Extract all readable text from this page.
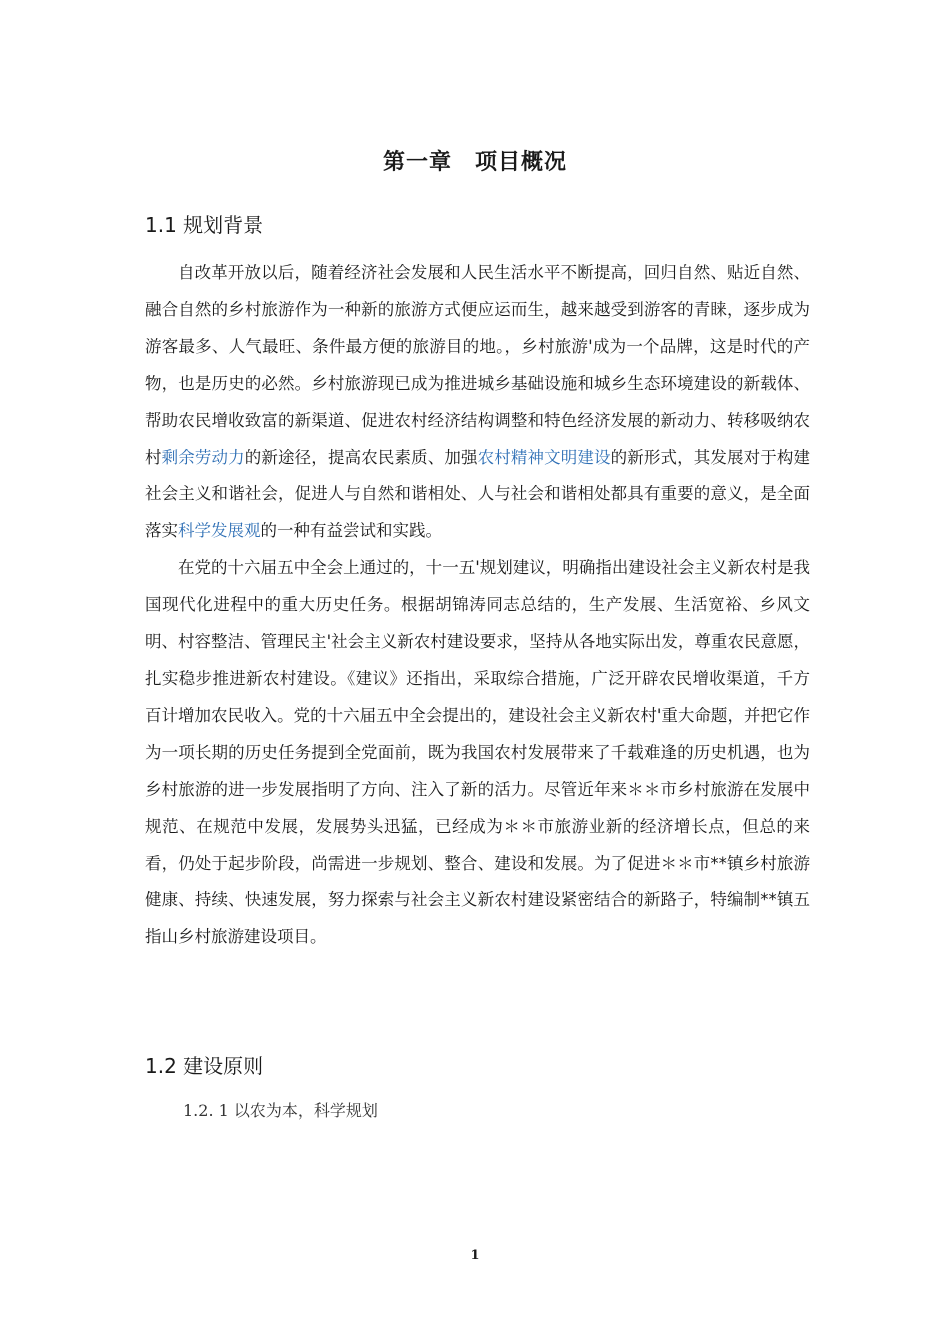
第一章　项目概况
1.1 规划背景

自改革开放以后，随着经济社会发展和人民生活水平不断提高，回归自然、贴近自然、融合自然的乡村旅游作为一种新的旅游方式便应运而生，越来越受到游客的青睐，逐步成为游客最多、人气最旺、条件最方便的旅游目的地。，乡村旅游'成为一个品牌，这是时代的产物，也是历史的必然。乡村旅游现已成为推进城乡基础设施和城乡生态环境建设的新载体、帮助农民增收致富的新渠道、促进农村经济结构调整和特色经济发展的新动力、转移吸纳农村剩余劳动力的新途径，提高农民素质、加强农村精神文明建设的新形式，其发展对于构建社会主义和谐社会，促进人与自然和谐相处、人与社会和谐相处都具有重要的意义，是全面落实科学发展观的一种有益尝试和实践。

在党的十六届五中全会上通过的，十一五'规划建议，明确指出建设社会主义新农村是我国现代化进程中的重大历史任务。根据胡锦涛同志总结的，生产发展、生活宽裕、乡风文明、村容整洁、管理民主'社会主义新农村建设要求，坚持从各地实际出发，尊重农民意愿，扎实稳步推进新农村建设。《建议》还指出，采取综合措施，广泛开辟农民增收渠道，千方百计增加农民收入。党的十六届五中全会提出的，建设社会主义新农村'重大命题，并把它作为一项长期的历史任务提到全党面前，既为我国农村发展带来了千载难逢的历史机遇，也为乡村旅游的进一步发展指明了方向、注入了新的活力。尽管近年来＊＊市乡村旅游在发展中规范、在规范中发展，发展势头迅猛，已经成为＊＊市旅游业新的经济增长点，但总的来看，仍处于起步阶段，尚需进一步规划、整合、建设和发展。为了促进＊＊市**镇乡村旅游健康、持续、快速发展，努力探索与社会主义新农村建设紧密结合的新路子，特编制**镇五指山乡村旅游建设项目。

1.2 建设原则
1.2. 1 以农为本，科学规划
1
